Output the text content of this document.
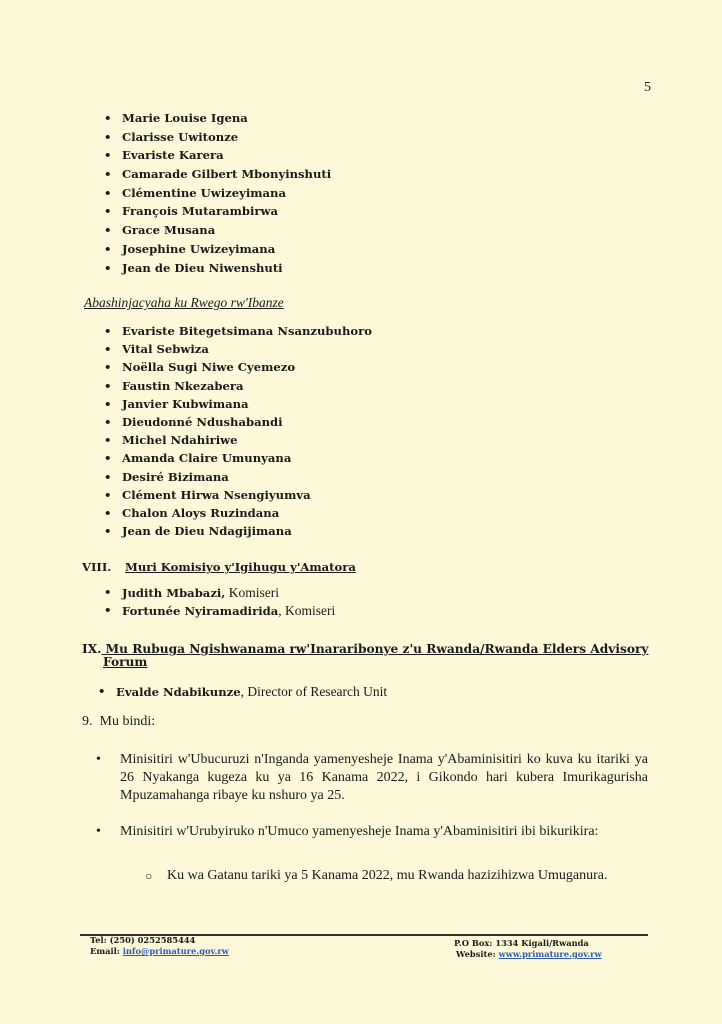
5
• Marie Louise Igena
• Clarisse Uwitonze
• Evariste Karera
• Camarade Gilbert Mbonyinshuti
• Clémentine Uwizeyimana
• François Mutarambirwa
• Grace Musana
• Josephine Uwizeyimana
• Jean de Dieu Niwenshuti
Abashinjacyaha ku Rwego rw'Ibanze
• Evariste Bitegetsimana Nsanzubuhoro
• Vital Sebwiza
• Noëlla Sugi Niwe Cyemezo
• Faustin Nkezabera
• Janvier Kubwimana
• Dieudonné Ndushabandi
• Michel Ndahiriwe
• Amanda Claire Umunyana
• Desiré Bizimana
• Clément Hirwa Nsengiyumva
• Chalon Aloys Ruzindana
• Jean de Dieu Ndagijimana
VIII. Muri Komisiyo y'Igihugu y'Amatora
• Judith Mbabazi, Komiseri
• Fortunée Nyiramadirida, Komiseri
IX. Mu Rubuga Ngishwanama rw'Inararibonye z'u Rwanda/Rwanda Elders Advisory
Forum
• Evalde Ndabikunze, Director of Research Unit
9.  Mu bindi:
• Minisitiri w'Ubucuruzi n'Inganda yamenyesheje Inama y'Abaminisitiri ko kuva ku itariki ya 26 Nyakanga kugeza ku ya 16 Kanama 2022, i Gikondo hari kubera Imurikagurisha Mpuzamahanga ribaye ku nshuro ya 25.
• Minisitiri w'Urubyiruko n'Umuco yamenyesheje Inama y'Abaminisitiri ibi bikurikira:
○ Ku wa Gatanu tariki ya 5 Kanama 2022, mu Rwanda hazizihizwa Umuganura.
Tel: (250) 0252585444
Email: info@primature.gov.rw
P.O Box: 1334 Kigali/Rwanda
Website: www.primature.gov.rw
